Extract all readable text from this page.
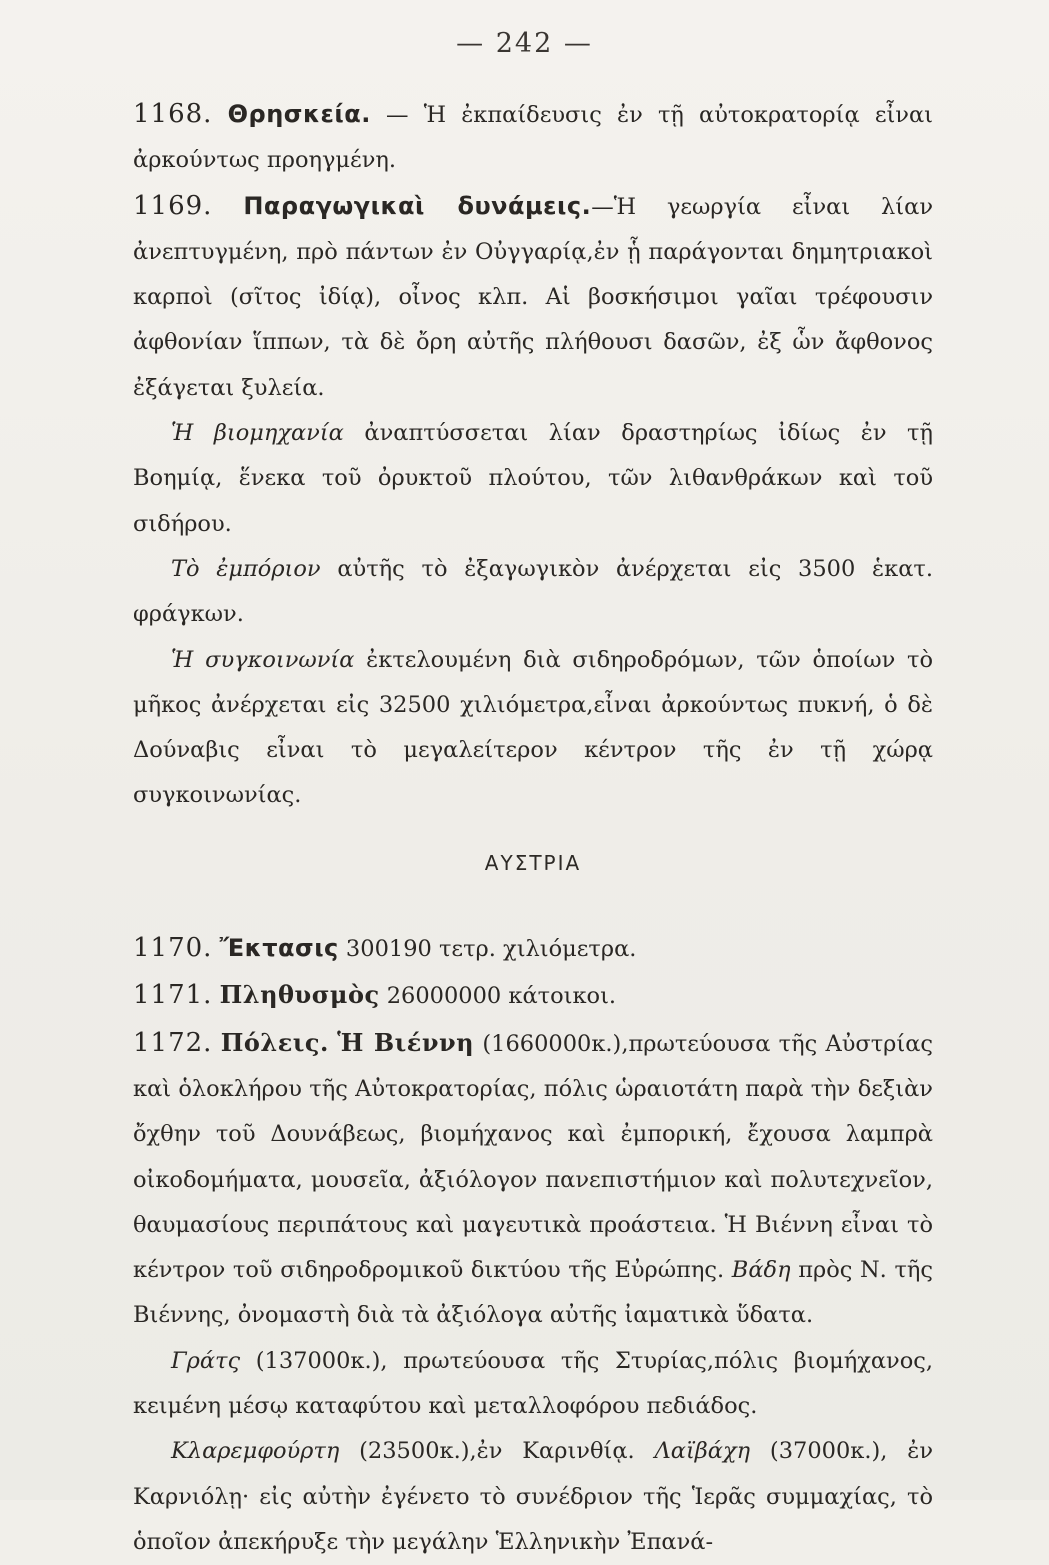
— 242 —

1168. Θρησκεία. — Ἡ ἐκπαίδευσις ἐν τῇ αὐτοκρατορίᾳ εἶναι ἀρκούντως προηγμένη.

1169. Παραγωγικαὶ δυνάμεις.—Ἡ γεωργία εἶναι λίαν ἀνεπτυγμένη, πρὸ πάντων ἐν Οὐγγαρίᾳ,ἐν ᾗ παράγονται δημητριακοὶ καρποὶ (σῖτος ἰδίᾳ), οἶνος κλπ. Αἱ βοσκήσιμοι γαῖαι τρέφουσιν ἀφθονίαν ἵππων, τὰ δὲ ὄρη αὐτῆς πλήθουσι δασῶν, ἐξ ὧν ἄφθονος ἐξάγεται ξυλεία.

Ἡ βιομηχανία ἀναπτύσσεται λίαν δραστηρίως ἰδίως ἐν τῇ Βοημίᾳ, ἕνεκα τοῦ ὀρυκτοῦ πλούτου, τῶν λιθανθράκων καὶ τοῦ σιδήρου.

Τὸ ἐμπόριον αὐτῆς τὸ ἐξαγωγικὸν ἀνέρχεται εἰς 3500 ἑκατ. φράγκων.

Ἡ συγκοινωνία ἐκτελουμένη διὰ σιδηροδρόμων, τῶν ὁποίων τὸ μῆκος ἀνέρχεται εἰς 32500 χιλιόμετρα,εἶναι ἀρκούντως πυκνή, ὁ δὲ Δούναβις εἶναι τὸ μεγαλείτερον κέντρον τῆς ἐν τῇ χώρᾳ συγκοινωνίας.

ΑΥΣΤΡΙΑ

1170. Ἔκτασις 300190 τετρ. χιλιόμετρα.

1171. Πληθυσμὸς 26000000 κάτοικοι.

1172. Πόλεις. Ἡ Βιέννη (1660000κ.),πρωτεύουσα τῆς Αὐστρίας καὶ ὁλοκλήρου τῆς Αὐτοκρατορίας, πόλις ὡραιοτάτη παρὰ τὴν δεξιὰν ὄχθην τοῦ Δουνάβεως, βιομήχανος καὶ ἐμπορική, ἔχουσα λαμπρὰ οἰκοδομήματα, μουσεῖα, ἀξιόλογον πανεπιστήμιον καὶ πολυτεχνεῖον, θαυμασίους περιπάτους καὶ μαγευτικὰ προάστεια. Ἡ Βιέννη εἶναι τὸ κέντρον τοῦ σιδηροδρομικοῦ δικτύου τῆς Εὐρώπης. Βάδη πρὸς Ν. τῆς Βιέννης, ὀνομαστὴ διὰ τὰ ἀξιόλογα αὐτῆς ἰαματικὰ ὕδατα.

Γράτς (137000κ.), πρωτεύουσα τῆς Στυρίας,πόλις βιομήχανος, κειμένη μέσῳ καταφύτου καὶ μεταλλοφόρου πεδιάδος.

Κλαρεμφούρτη (23500κ.),ἐν Καρινθίᾳ. Λαϊβάχη (37000κ.), ἐν Καρνιόλῃ· εἰς αὐτὴν ἐγένετο τὸ συνέδριον τῆς Ἱερᾶς συμμαχίας, τὸ ὁποῖον ἀπεκήρυξε τὴν μεγάλην Ἑλληνικὴν Ἐπανά-
